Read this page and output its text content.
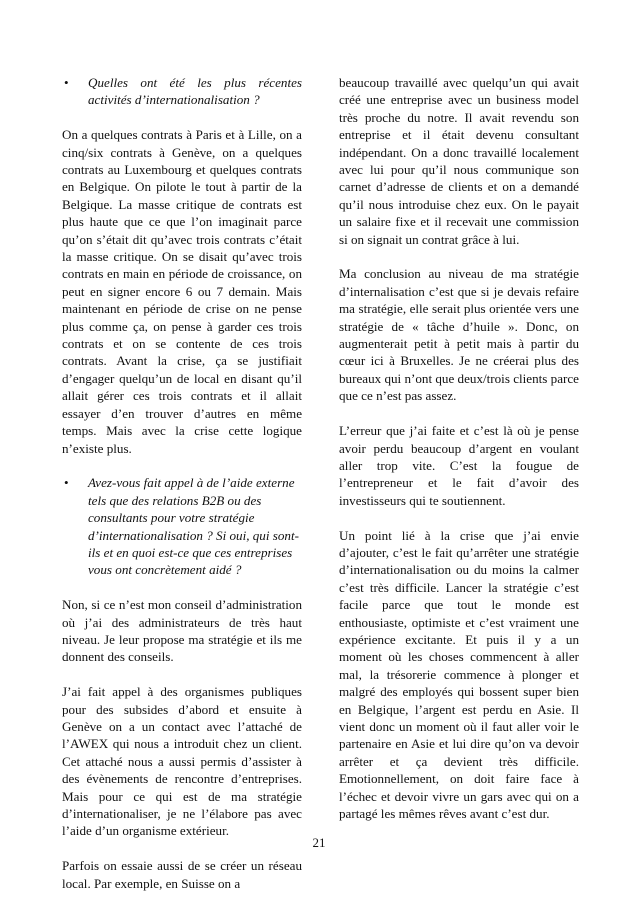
• Quelles ont été les plus récentes activités d’internationalisation ?

On a quelques contrats à Paris et à Lille, on a cinq/six contrats à Genève, on a quelques contrats au Luxembourg et quelques contrats en Belgique. On pilote le tout à partir de la Belgique. La masse critique de contrats est plus haute que ce que l’on imaginait parce qu’on s’était dit qu’avec trois contrats c’était la masse critique. On se disait qu’avec trois contrats en main en période de croissance, on peut en signer encore 6 ou 7 demain. Mais maintenant en période de crise on ne pense plus comme ça, on pense à garder ces trois contrats et on se contente de ces trois contrats. Avant la crise, ça se justifiait d’engager quelqu’un de local en disant qu’il allait gérer ces trois contrats et il allait essayer d’en trouver d’autres en même temps. Mais avec la crise cette logique n’existe plus.

• Avez-vous fait appel à de l’aide externe tels que des relations B2B ou des consultants pour votre stratégie d’internationalisation ? Si oui, qui sont-ils et en quoi est-ce que ces entreprises vous ont concrètement aidé ?

Non, si ce n’est mon conseil d’administration où j’ai des administrateurs de très haut niveau. Je leur propose ma stratégie et ils me donnent des conseils.

J’ai fait appel à des organismes publiques pour des subsides d’abord et ensuite à Genève on a un contact avec l’attaché de l’AWEX qui nous a introduit chez un client. Cet attaché nous a aussi permis d’assister à des évènements de rencontre d’entreprises. Mais pour ce qui est de ma stratégie d’internationaliser, je ne l’élabore pas avec l’aide d’un organisme extérieur.

Parfois on essaie aussi de se créer un réseau local. Par exemple, en Suisse on a

beaucoup travaillé avec quelqu’un qui avait créé une entreprise avec un business model très proche du notre. Il avait revendu son entreprise et il était devenu consultant indépendant. On a donc travaillé localement avec lui pour qu’il nous communique son carnet d’adresse de clients et on a demandé qu’il nous introduise chez eux. On le payait un salaire fixe et il recevait une commission si on signait un contrat grâce à lui.

Ma conclusion au niveau de ma stratégie d’internalisation c’est que si je devais refaire ma stratégie, elle serait plus orientée vers une stratégie de « tâche d’huile ». Donc, on augmenterait petit à petit mais à partir du cœur ici à Bruxelles. Je ne créerai plus des bureaux qui n’ont que deux/trois clients parce que ce n’est pas assez.

L’erreur que j’ai faite et c’est là où je pense avoir perdu beaucoup d’argent en voulant aller trop vite. C’est la fougue de l’entrepreneur et le fait d’avoir des investisseurs qui te soutiennent.

Un point lié à la crise que j’ai envie d’ajouter, c’est le fait qu’arrêter une stratégie d’internationalisation ou du moins la calmer c’est très difficile. Lancer la stratégie c’est facile parce que tout le monde est enthousiaste, optimiste et c’est vraiment une expérience excitante. Et puis il y a un moment où les choses commencent à aller mal, la trésorerie commence à plonger et malgré des employés qui bossent super bien en Belgique, l’argent est perdu en Asie. Il vient donc un moment où il faut aller voir le partenaire en Asie et lui dire qu’on va devoir arrêter et ça devient très difficile. Emotionnellement, on doit faire face à l’échec et devoir vivre un gars avec qui on a partagé les mêmes rêves avant c’est dur.

21
